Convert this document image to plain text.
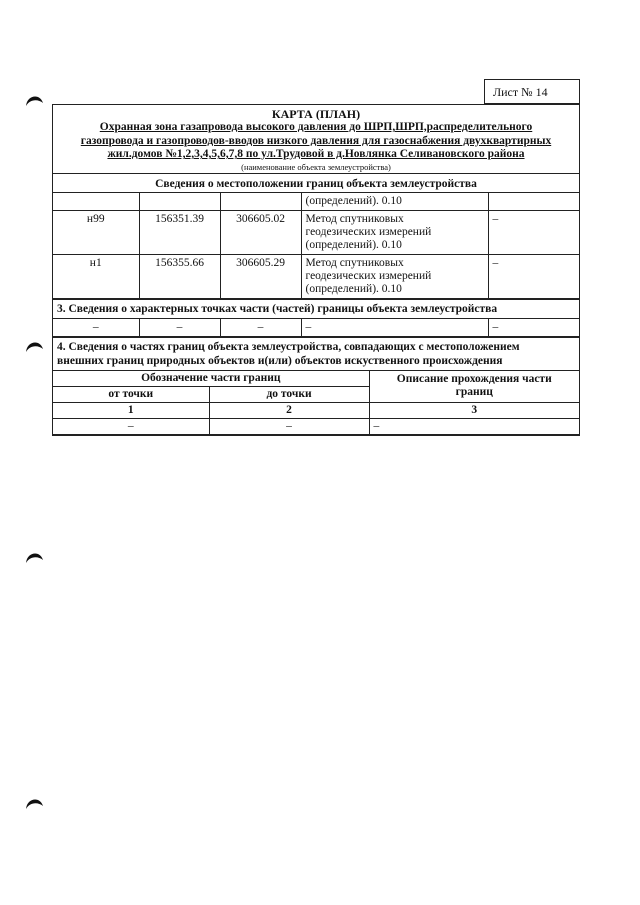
Лист № 14
КАРТА (ПЛАН)
Охранная зона газапровода высокого давления до ШРП,ШРП,распределительного
газопровода и газопроводов-вводов низкого давления для газоснабжения двухквартирных
жил.домов №1,2,3,4,5,6,7,8 по ул.Трудовой в д.Новлянка Селивановского района
(наименование объекта землеустройства)
Сведения о местоположении границ объекта землеустройства

			(определений). 0.10	

н99	156351.39	306605.02	Метод спутниковых
геодезических измерений
(определений). 0.10	–
н1	156355.66	306605.29	Метод спутниковых
геодезических измерений
(определений). 0.10	–
3. Сведения о характерных точках части (частей) границы объекта землеустройства
–	–	–	–	–
4. Сведения о частях границ объекта землеустройства, совпадающих с местоположением
внешних границ природных объектов и(или) объектов искуственного происхождения
Обозначение части границ		Описание прохождения части
границ

от точки	до точки	
1	2	3
–	–	–
